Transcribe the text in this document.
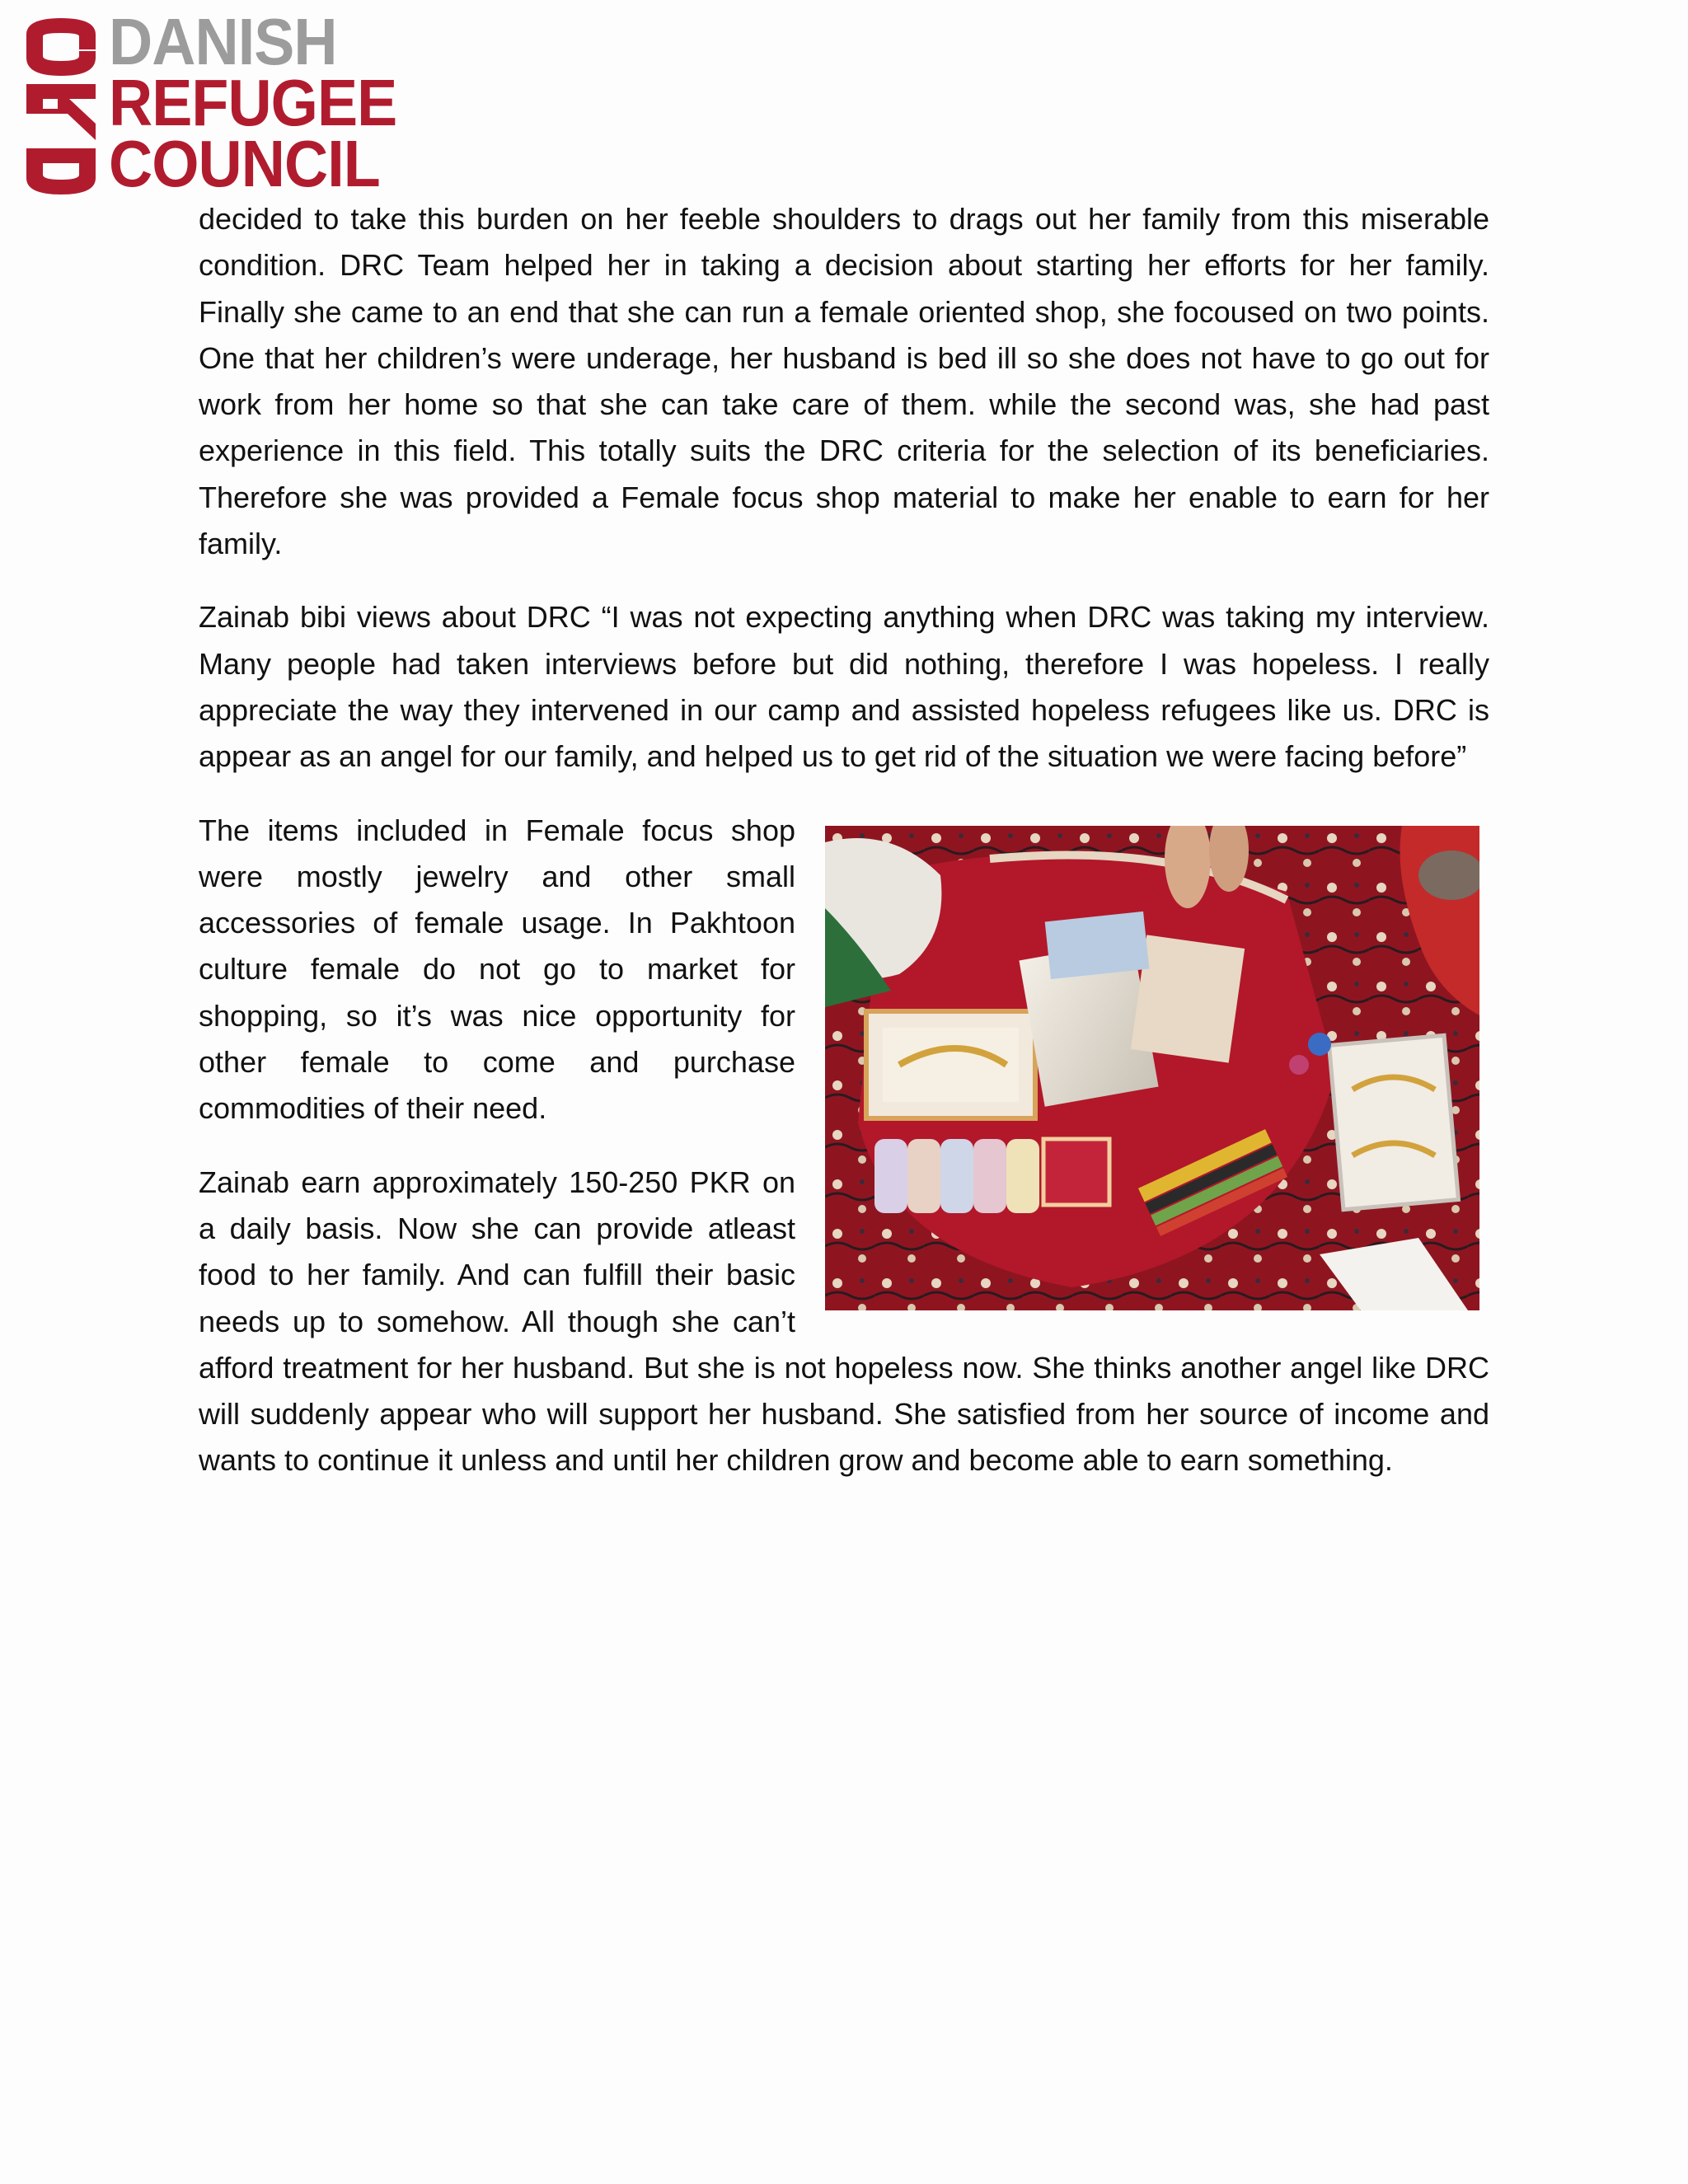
DANISH
REFUGEE
COUNCIL

decided to take this burden on her feeble shoulders to drags out her family from this miserable condition. DRC Team helped her in taking a decision about starting her efforts for her family. Finally she came to an end that she can run a female oriented shop, she focoused on two points. One that her children’s were underage, her husband is bed ill so she does not have to go out for work from her home so that she can take care of them. while the second was, she had past experience in this field. This totally suits the DRC criteria for the selection of its beneficiaries. Therefore she was provided a Female focus shop material to make her enable to earn for her family.

Zainab bibi views about DRC “I was not expecting anything when DRC was taking my interview. Many people had taken interviews before but did nothing, therefore I was hopeless. I really appreciate the way they intervened in our camp and assisted hopeless refugees like us. DRC is appear as an angel for our family, and helped us to get rid of the situation we were facing before”

The items included in Female focus shop were mostly jewelry and other small accessories of female usage. In Pakhtoon culture female do not go to market for shopping, so it’s was nice opportunity for other female to come and purchase commodities of their need.

Zainab earn approximately 150-250 PKR on a daily basis. Now she can provide atleast food to her family. And can fulfill their basic needs up to somehow. All though she can’t afford treatment for her husband. But she is not hopeless now. She thinks another angel like DRC will suddenly appear who will support her husband. She satisfied from her source of income and wants to continue it unless and until her children grow and become able to earn something.
